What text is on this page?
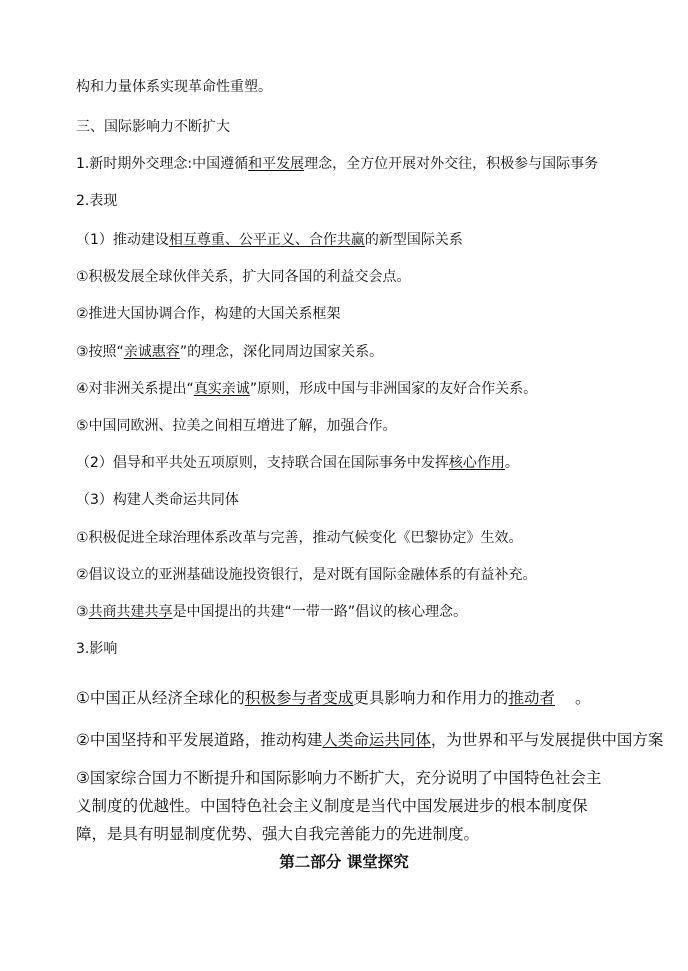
构和力量体系实现革命性重塑。
三、国际影响力不断扩大
1.新时期外交理念:中国遵循和平发展理念，全方位开展对外交往，积极参与国际事务
2.表现
（1）推动建设相互尊重、公平正义、合作共赢的新型国际关系
①积极发展全球伙伴关系，扩大同各国的利益交会点。
②推进大国协调合作，构建的大国关系框架
③按照“亲诚惠容”的理念，深化同周边国家关系。
④对非洲关系提出“真实亲诚”原则，形成中国与非洲国家的友好合作关系。
⑤中国同欧洲、拉美之间相互增进了解，加强合作。
（2）倡导和平共处五项原则，支持联合国在国际事务中发挥核心作用。
（3）构建人类命运共同体
①积极促进全球治理体系改革与完善，推动气候变化《巴黎协定》生效。
②倡议设立的亚洲基础设施投资银行，是对既有国际金融体系的有益补充。
③共商共建共享是中国提出的共建“一带一路”倡议的核心理念。
3.影响
①中国正从经济全球化的积极参与者变成更具影响力和作用力的推动者 。
②中国坚持和平发展道路，推动构建人类命运共同体，为世界和平与发展提供中国方案
③国家综合国力不断提升和国际影响力不断扩大，充分说明了中国特色社会主义制度的优越性。中国特色社会主义制度是当代中国发展进步的根本制度保障，是具有明显制度优势、强大自我完善能力的先进制度。
第二部分 课堂探究
